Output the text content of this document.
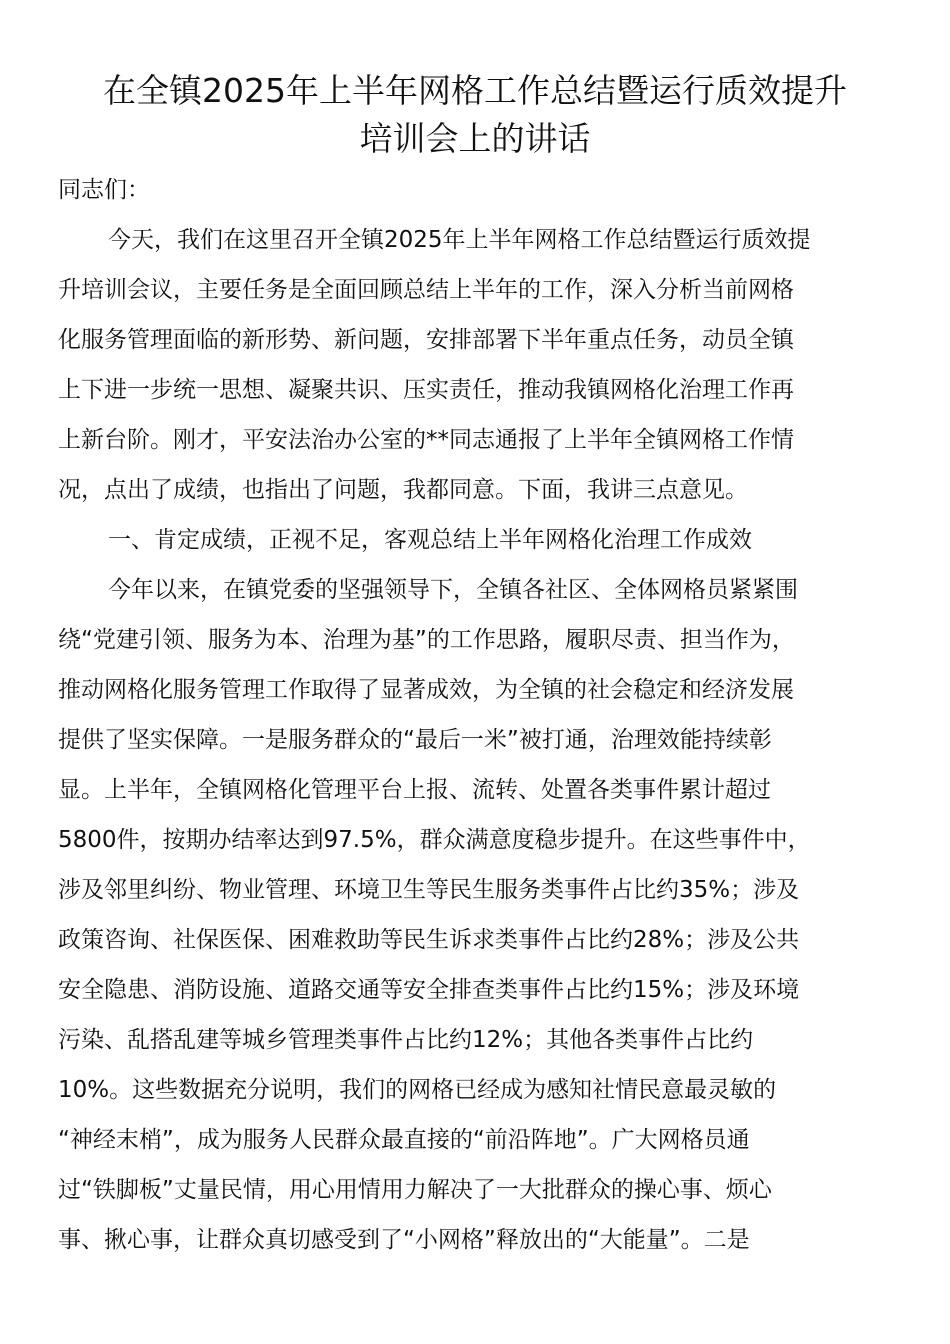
在全镇2025年上半年网格工作总结暨运行质效提升
培训会上的讲话
同志们：
今天，我们在这里召开全镇2025年上半年网格工作总结暨运行质效提
升培训会议，主要任务是全面回顾总结上半年的工作，深入分析当前网格
化服务管理面临的新形势、新问题，安排部署下半年重点任务，动员全镇
上下进一步统一思想、凝聚共识、压实责任，推动我镇网格化治理工作再
上新台阶。刚才，平安法治办公室的**同志通报了上半年全镇网格工作情
况，点出了成绩，也指出了问题，我都同意。下面，我讲三点意见。
一、肯定成绩，正视不足，客观总结上半年网格化治理工作成效
今年以来，在镇党委的坚强领导下，全镇各社区、全体网格员紧紧围
绕“党建引领、服务为本、治理为基”的工作思路，履职尽责、担当作为，
推动网格化服务管理工作取得了显著成效，为全镇的社会稳定和经济发展
提供了坚实保障。一是服务群众的“最后一米”被打通，治理效能持续彰
显。上半年，全镇网格化管理平台上报、流转、处置各类事件累计超过
5800件，按期办结率达到97.5%，群众满意度稳步提升。在这些事件中，
涉及邻里纠纷、物业管理、环境卫生等民生服务类事件占比约35%；涉及
政策咨询、社保医保、困难救助等民生诉求类事件占比约28%；涉及公共
安全隐患、消防设施、道路交通等安全排查类事件占比约15%；涉及环境
污染、乱搭乱建等城乡管理类事件占比约12%；其他各类事件占比约
10%。这些数据充分说明，我们的网格已经成为感知社情民意最灵敏的
“神经末梢”，成为服务人民群众最直接的“前沿阵地”。广大网格员通
过“铁脚板”丈量民情，用心用情用力解决了一大批群众的操心事、烦心
事、揪心事，让群众真切感受到了“小网格”释放出的“大能量”。二是
